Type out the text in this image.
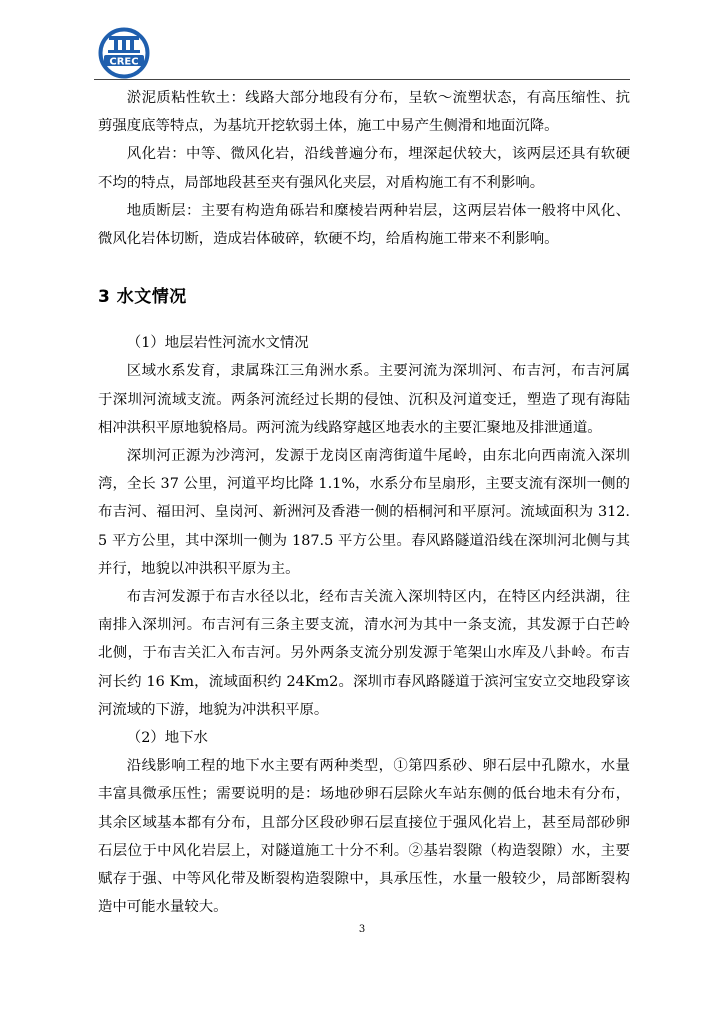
CREC

淤泥质粘性软土：线路大部分地段有分布，呈软～流塑状态，有高压缩性、抗剪强度底等特点，为基坑开挖软弱土体，施工中易产生侧滑和地面沉降。

风化岩：中等、微风化岩，沿线普遍分布，埋深起伏较大，该两层还具有软硬不均的特点，局部地段甚至夹有强风化夹层，对盾构施工有不利影响。

地质断层：主要有构造角砾岩和糜棱岩两种岩层，这两层岩体一般将中风化、微风化岩体切断，造成岩体破碎，软硬不均，给盾构施工带来不利影响。

3 水文情况

（1）地层岩性河流水文情况

区域水系发育，隶属珠江三角洲水系。主要河流为深圳河、布吉河，布吉河属于深圳河流域支流。两条河流经过长期的侵蚀、沉积及河道变迁，塑造了现有海陆相冲洪积平原地貌格局。两河流为线路穿越区地表水的主要汇聚地及排泄通道。

深圳河正源为沙湾河，发源于龙岗区南湾街道牛尾岭，由东北向西南流入深圳湾，全长 37 公里，河道平均比降 1.1%，水系分布呈扇形，主要支流有深圳一侧的布吉河、福田河、皇岗河、新洲河及香港一侧的梧桐河和平原河。流域面积为 312.5 平方公里，其中深圳一侧为 187.5 平方公里。春风路隧道沿线在深圳河北侧与其并行，地貌以冲洪积平原为主。

布吉河发源于布吉水径以北，经布吉关流入深圳特区内，在特区内经洪湖，往南排入深圳河。布吉河有三条主要支流，清水河为其中一条支流，其发源于白芒岭北侧，于布吉关汇入布吉河。另外两条支流分别发源于笔架山水库及八卦岭。布吉河长约 16 Km，流域面积约 24Km2。深圳市春风路隧道于滨河宝安立交地段穿该河流域的下游，地貌为冲洪积平原。

（2）地下水

沿线影响工程的地下水主要有两种类型，①第四系砂、卵石层中孔隙水，水量丰富具微承压性；需要说明的是：场地砂卵石层除火车站东侧的低台地未有分布，其余区域基本都有分布，且部分区段砂卵石层直接位于强风化岩上，甚至局部砂卵石层位于中风化岩层上，对隧道施工十分不利。②基岩裂隙（构造裂隙）水，主要赋存于强、中等风化带及断裂构造裂隙中，具承压性，水量一般较少，局部断裂构造中可能水量较大。

3
